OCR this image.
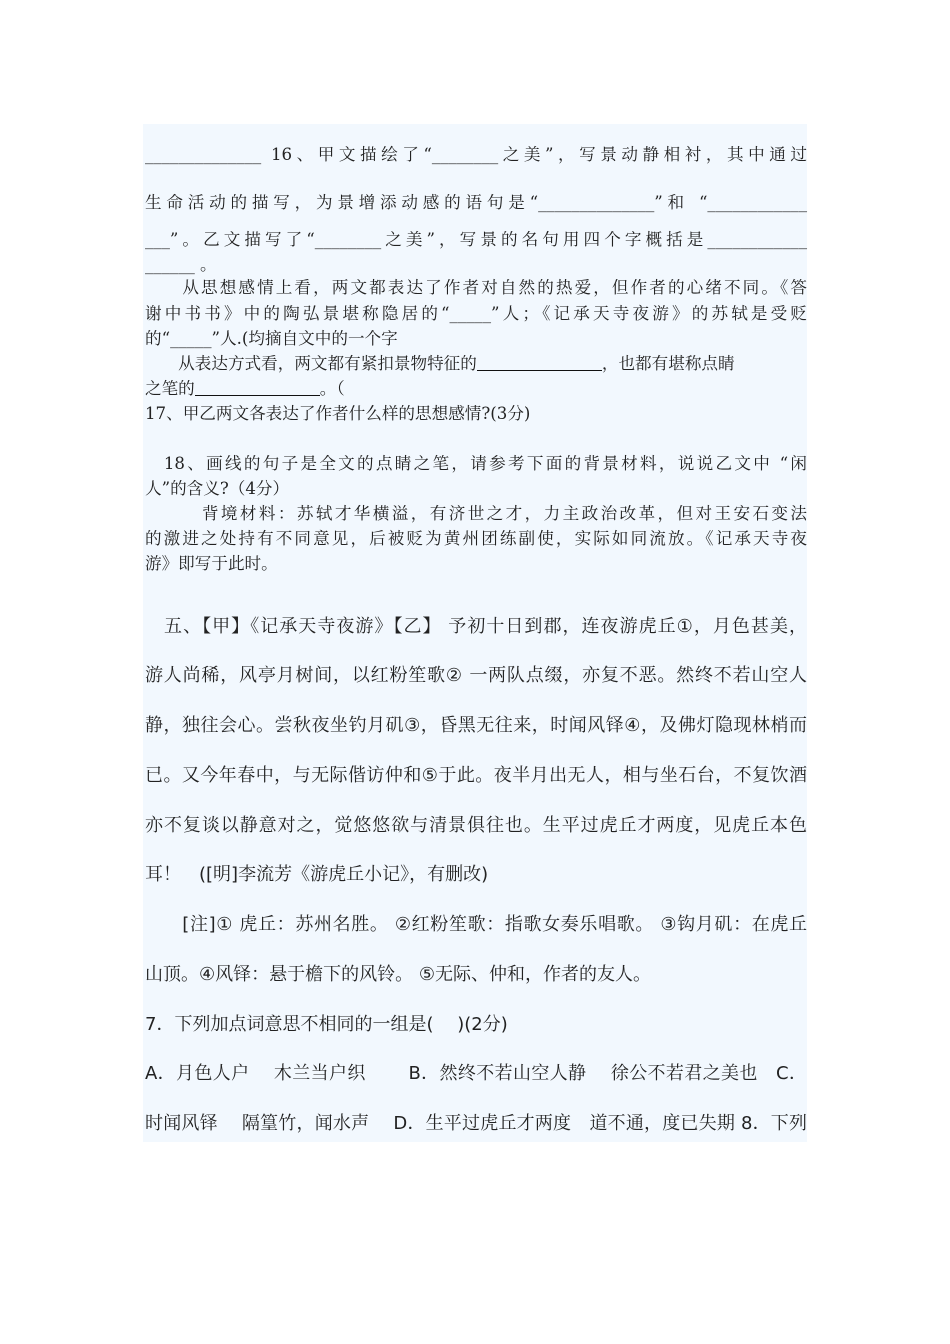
______________ 16、甲文描绘了“________之美”，写景动静相衬，其中通过
生命活动的描写，为景增添动感的语句是“______________”和 “____________
___”。乙文描写了“________之美”，写景的名句用四个字概括是____________
______ 。
　　从思想感情上看，两文都表达了作者对自然的热爱，但作者的心绪不同。《答
谢中书书》中的陶弘景堪称隐居的“_____”人；《记承天寺夜游》的苏轼是受贬
的“_____”人.(均摘自文中的一个字
　　从表达方式看，两文都有紧扣景物特征的	，也都有堪称点睛
之笔的	。（
17、甲乙两文各表达了作者什么样的思想感情?(3分)
　18、画线的句子是全文的点睛之笔，请参考下面的背景材料，说说乙文中 “闲
人”的含义?（4分）
　　　背境材料：苏轼才华横溢，有济世之才，力主政治改革，但对王安石变法
的激进之处持有不同意见，后被贬为黄州团练副使，实际如同流放。《记承天寺夜
游》即写于此时。
　五、【甲】《记承天寺夜游》【乙】 予初十日到郡，连夜游虎丘①，月色甚美，
游人尚稀，风亭月树间，以红粉笙歌② 一两队点缀，亦复不恶。然终不若山空人
静，独往会心。尝秋夜坐钓月矶③，昏黑无往来，时闻风铎④，及佛灯隐现林梢而
已。又今年春中，与无际偕访仲和⑤于此。夜半月出无人，相与坐石台，不复饮酒
亦不复谈以静意对之，觉悠悠欲与清景俱往也。生平过虎丘才两度，见虎丘本色
耳！　([明]李流芳《游虎丘小记》，有删改)
　　[注]① 虎丘：苏州名胜。 ②红粉笙歌：指歌女奏乐唱歌。 ③钩月矶：在虎丘
山顶。④风铎：悬于檐下的风铃。 ⑤无际、仲和，作者的友人。
7．下列加点词意思不相同的一组是(　 )(2分)
A．月色人户　 木兰当户织　　 B．然终不若山空人静　 徐公不若君之美也　C．
时闻风铎　 隔篁竹，闻水声　 D．生平过虎丘才两度　道不通，度已失期 8．下列
